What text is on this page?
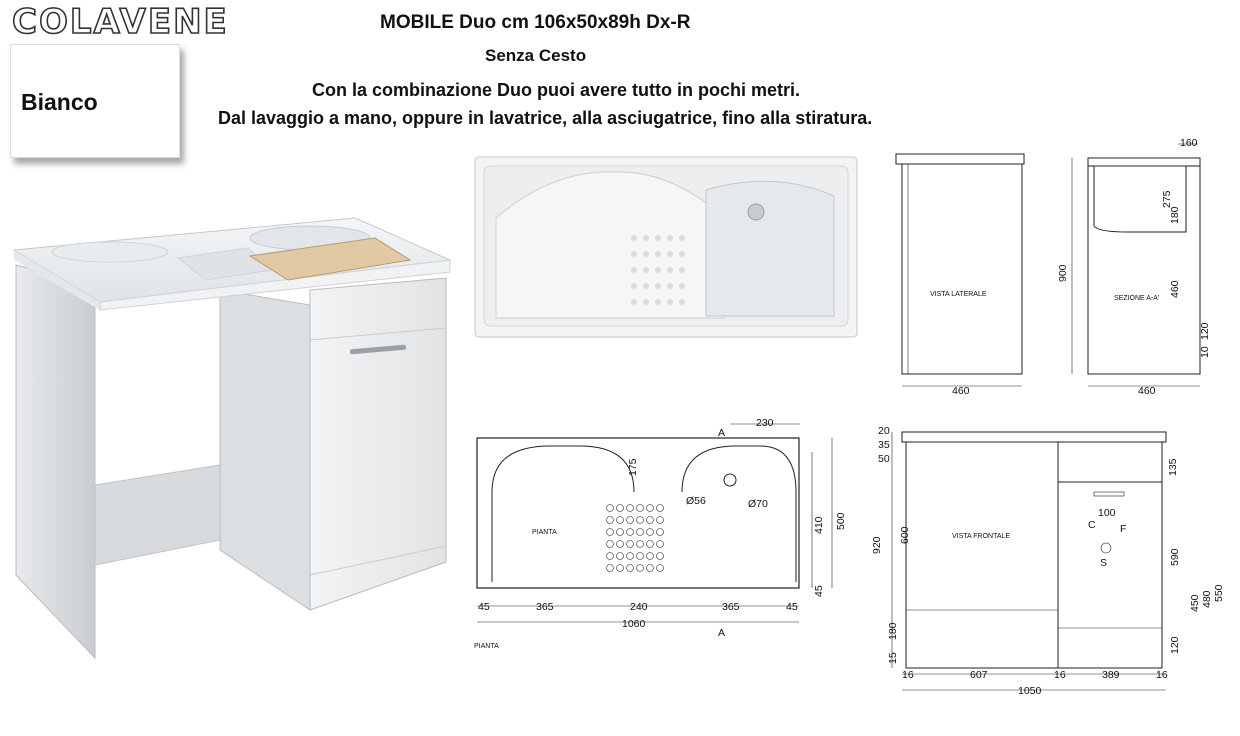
COLAVENE
Bianco
MOBILE Duo cm 106x50x89h Dx-R
Senza Cesto
Con la combinazione Duo puoi avere tutto in pochi metri.
Dal lavaggio a mano, oppure in lavatrice, alla asciugatrice, fino alla stiratura.
VISTA LATERALE
460
160
SEZIONE A-A'
900
275
180
460
120
10
460
PIANTA
A
A
230
175
Ø56	Ø70
410 500
45
45	365	240	365	45
1060
PIANTA
VISTA FRONTALE
C F
S
100
20
35
50
600
920
180
15
135
590
450 480 550
120
16	607	16	389	16
1050
